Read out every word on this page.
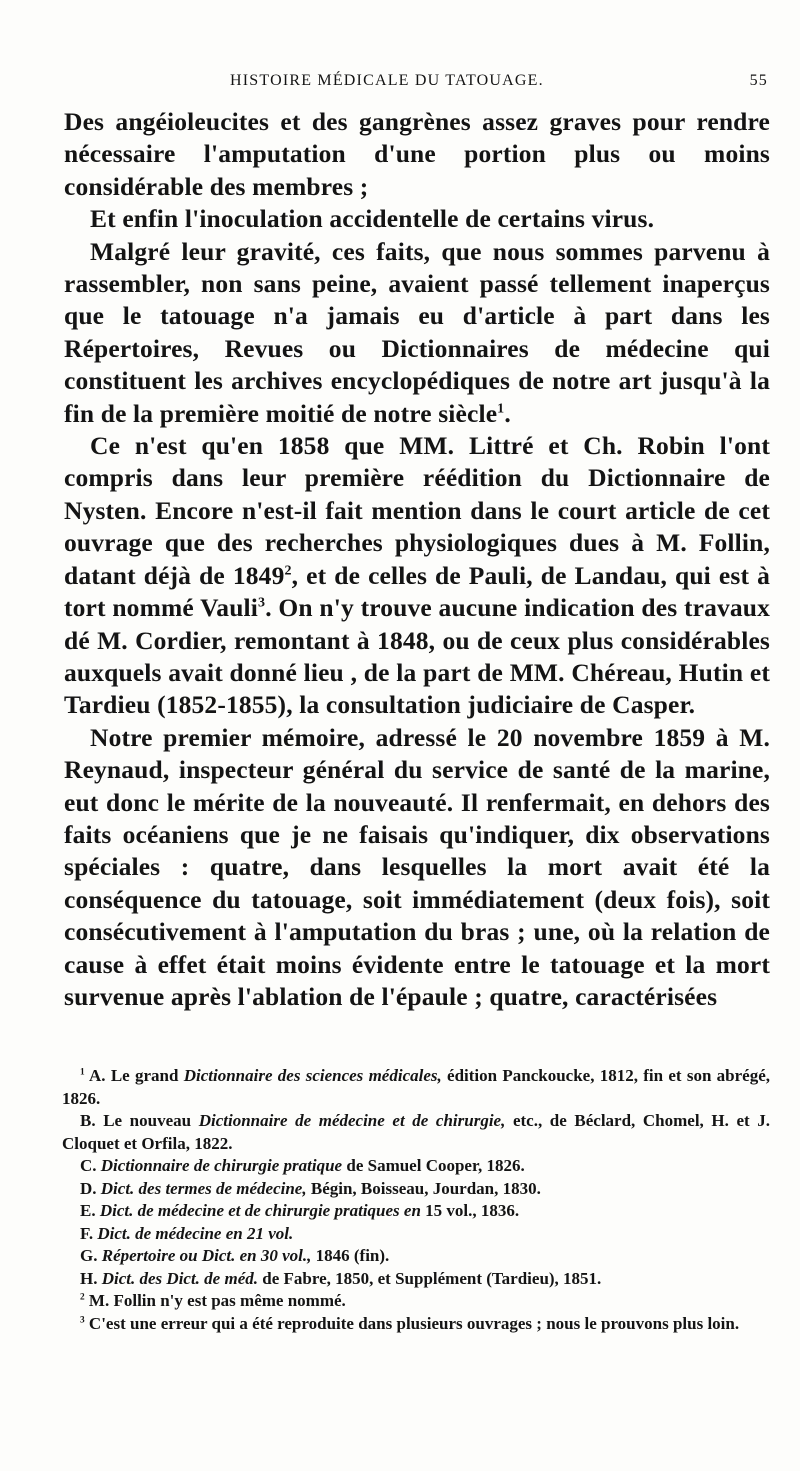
HISTOIRE MÉDICALE DU TATOUAGE.	55

Des angéioleucites et des gangrènes assez graves pour rendre nécessaire l'amputation d'une portion plus ou moins considérable des membres ;

Et enfin l'inoculation accidentelle de certains virus.

Malgré leur gravité, ces faits, que nous sommes parvenu à rassembler, non sans peine, avaient passé tellement inaperçus que le tatouage n'a jamais eu d'article à part dans les Répertoires, Revues ou Dictionnaires de médecine qui constituent les archives encyclopédiques de notre art jusqu'à la fin de la première moitié de notre siècle$^1$.

Ce n'est qu'en 1858 que MM. Littré et Ch. Robin l'ont compris dans leur première réédition du Dictionnaire de Nysten. Encore n'est-il fait mention dans le court article de cet ouvrage que des recherches physiologiques dues à M. Follin, datant déjà de 1849$^2$, et de celles de Pauli, de Landau, qui est à tort nommé Vauli$^3$. On n'y trouve aucune indication des travaux dé M. Cordier, remontant à 1848, ou de ceux plus considérables auxquels avait donné lieu , de la part de MM. Chéreau, Hutin et Tardieu (1852-1855), la consultation judiciaire de Casper.

Notre premier mémoire, adressé le 20 novembre 1859 à M. Reynaud, inspecteur général du service de santé de la marine, eut donc le mérite de la nouveauté. Il renfermait, en dehors des faits océaniens que je ne faisais qu'indiquer, dix observations spéciales : quatre, dans lesquelles la mort avait été la conséquence du tatouage, soit immédiatement (deux fois), soit consécutivement à l'amputation du bras ; une, où la relation de cause à effet était moins évidente entre le tatouage et la mort survenue après l'ablation de l'épaule ; quatre, caractérisées

$^1$ A. Le grand Dictionnaire des sciences médicales, édition Panckoucke, 1812, fin et son abrégé, 1826.

B. Le nouveau Dictionnaire de médecine et de chirurgie, etc., de Béclard, Chomel, H. et J. Cloquet et Orfila, 1822.

C. Dictionnaire de chirurgie pratique de Samuel Cooper, 1826.

D. Dict. des termes de médecine, Bégin, Boisseau, Jourdan, 1830.

E. Dict. de médecine et de chirurgie pratiques en 15 vol., 1836.

F. Dict. de médecine en 21 vol.

G. Répertoire ou Dict. en 30 vol., 1846 (fin).

H. Dict. des Dict. de méd. de Fabre, 1850, et Supplément (Tardieu), 1851.

$^2$ M. Follin n'y est pas même nommé.

$^3$ C'est une erreur qui a été reproduite dans plusieurs ouvrages ; nous le prouvons plus loin.
